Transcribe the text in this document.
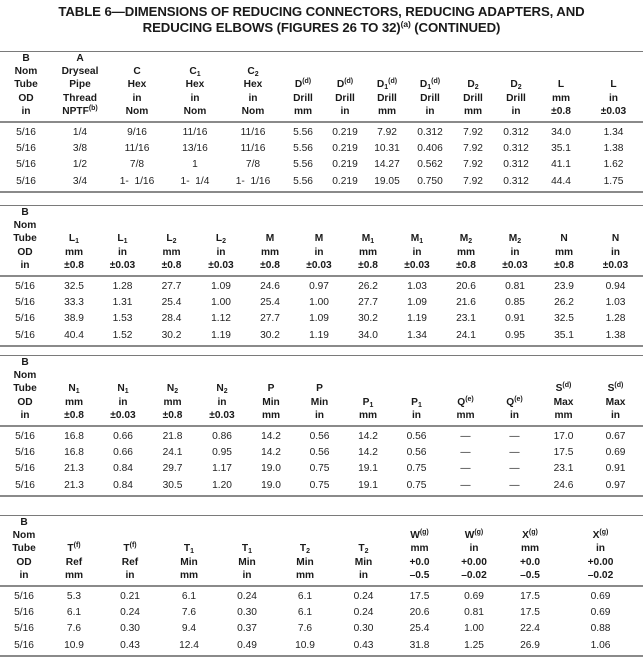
TABLE 6—DIMENSIONS OF REDUCING CONNECTORS, REDUCING ADAPTERS, AND
REDUCING ELBOWS (FIGURES 26 TO 32)$^{(a)}$ (CONTINUED)

B
Nom
Tube
OD
in

A
Dryseal
Pipe
Thread
NPTF$^{(b)}$

C
Hex
in
Nom

$C_1$
Hex
in
Nom

$C_2$
Hex
in
Nom

$D^{(d)}$
Drill
mm

$D^{(d)}$
Drill
in

$D_1^{(d)}$
Drill
mm

$D_1^{(d)}$
Drill
in

$D_2$
Drill
mm

$D_2$
Drill
in

L
mm
±0.8

L
in
±0.03

5/16	1/4	9/16	11/16	11/16	5.56	0.219	7.92	0.312	7.92	0.312	34.0	1.34
5/16	3/8	11/16	13/16	11/16	5.56	0.219	10.31	0.406	7.92	0.312	35.1	1.38
5/16	1/2	7/8	1	7/8	5.56	0.219	14.27	0.562	7.92	0.312	41.1	1.62
5/16	3/4	1-  1/16	1-  1/4	1-  1/16	5.56	0.219	19.05	0.750	7.92	0.312	44.4	1.75

B
Nom
Tube
OD
in

$L_1$
mm
±0.8

$L_1$
in
±0.03

$L_2$
mm
±0.8

$L_2$
in
±0.03

M
mm
±0.8

M
in
±0.03

$M_1$
mm
±0.8

$M_1$
in
±0.03

$M_2$
mm
±0.8

$M_2$
in
±0.03

N
mm
±0.8

N
in
±0.03

5/16	32.5	1.28	27.7	1.09	24.6	0.97	26.2	1.03	20.6	0.81	23.9	0.94
5/16	33.3	1.31	25.4	1.00	25.4	1.00	27.7	1.09	21.6	0.85	26.2	1.03
5/16	38.9	1.53	28.4	1.12	27.7	1.09	30.2	1.19	23.1	0.91	32.5	1.28
5/16	40.4	1.52	30.2	1.19	30.2	1.19	34.0	1.34	24.1	0.95	35.1	1.38

B
Nom
Tube
OD
in

$N_1$
mm
±0.8

$N_1$
in
±0.03

$N_2$
mm
±0.8

$N_2$
in
±0.03

P
Min
mm

P
Min
in

$P_1$
mm

$P_1$
in

$Q^{(e)}$
mm

$Q^{(e)}$
in

$S^{(d)}$
Max
mm

$S^{(d)}$
Max
in

5/16	16.8	0.66	21.8	0.86	14.2	0.56	14.2	0.56	—	—	17.0	0.67
5/16	16.8	0.66	24.1	0.95	14.2	0.56	14.2	0.56	—	—	17.5	0.69
5/16	21.3	0.84	29.7	1.17	19.0	0.75	19.1	0.75	—	—	23.1	0.91
5/16	21.3	0.84	30.5	1.20	19.0	0.75	19.1	0.75	—	—	24.6	0.97

B
Nom
Tube
OD
in

$T^{(f)}$
Ref
mm

$T^{(f)}$
Ref
in

$T_1$
Min
mm

$T_1$
Min
in

$T_2$
Min
mm

$T_2$
Min
in

$W^{(g)}$
mm
+0.0
–0.5

$W^{(g)}$
in
+0.00
–0.02

$X^{(g)}$
mm
+0.0
–0.5

$X^{(g)}$
in
+0.00
–0.02

5/16	5.3	0.21	6.1	0.24	6.1	0.24	17.5	0.69	17.5	0.69
5/16	6.1	0.24	7.6	0.30	6.1	0.24	20.6	0.81	17.5	0.69
5/16	7.6	0.30	9.4	0.37	7.6	0.30	25.4	1.00	22.4	0.88
5/16	10.9	0.43	12.4	0.49	10.9	0.43	31.8	1.25	26.9	1.06
